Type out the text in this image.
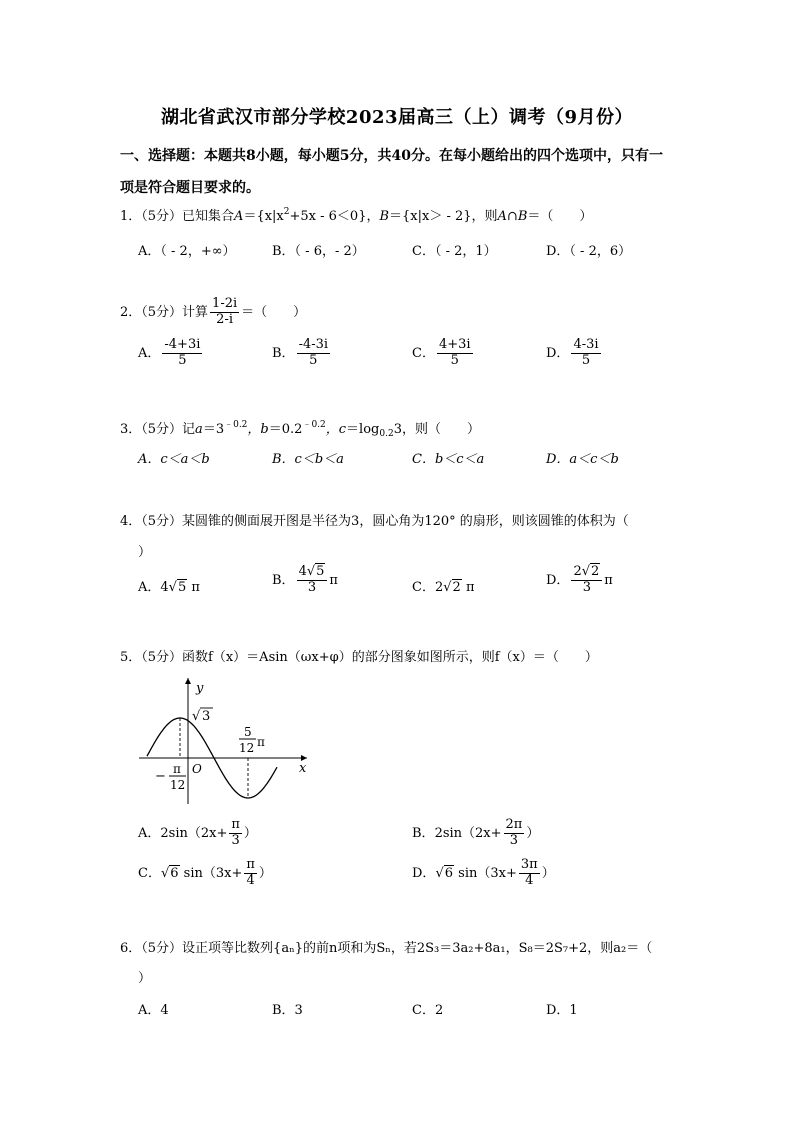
湖北省武汉市部分学校2023届高三（上）调考（9月份）
一、选择题：本题共8小题，每小题5分，共40分。在每小题给出的四个选项中，只有一
项是符合题目要求的。
1．（5分）已知集合$A=\{x|x^2+5x - 6<0\}$，B＝{x|x＞ - 2}，则A∩B＝（　　）
A．（ - 2，+∞）	B．（ - 6，- 2）	C．（ - 2，1）	D．（ - 2，6）
2．（5分）计算 $\frac{1-2i}{2-i}$ ＝（　　）
A． $\frac{-4+3i}{5}$	B． $\frac{-4-3i}{5}$	C． $\frac{4+3i}{5}$	D． $\frac{4-3i}{5}$
3．（5分）记$a=3^{﹣0.2}$，$b=0.2^{﹣0.2}$，$c=\log_{0.2}3$，则（　　）
A．c＜a＜b	B．c＜b＜a	C．b＜c＜a	D．a＜c＜b
4．（5分）某圆锥的侧面展开图是半径为3，圆心角为120° 的扇形，则该圆锥的体积为（
）
A．4√5 π	B． $\frac{4√5}{3}$ π	C．2√2 π	D． $\frac{2√2}{3}$ π
5．（5分）函数f（x）＝Asin（ωx+φ）的部分图象如图所示，则f（x）＝（　　）
y
x
O
√ 3
5
12 π
− π
12
A．$2\sin(2x+ \frac{\pi}{3}$ ）	B．$2\sin(2x+ \frac{2\pi}{3}$ ）
C．√6 $\sin(3x+ \frac{\pi}{4}$ ）	D．√6 $\sin(3x+ \frac{3\pi}{4}$ ）
6．（5分）设正项等比数列{aₙ}的前n项和为Sₙ，若2S₃＝3a₂+8a₁，S₈＝2S₇+2，则a₂＝（
）
A．4	B．3	C．2	D．1
